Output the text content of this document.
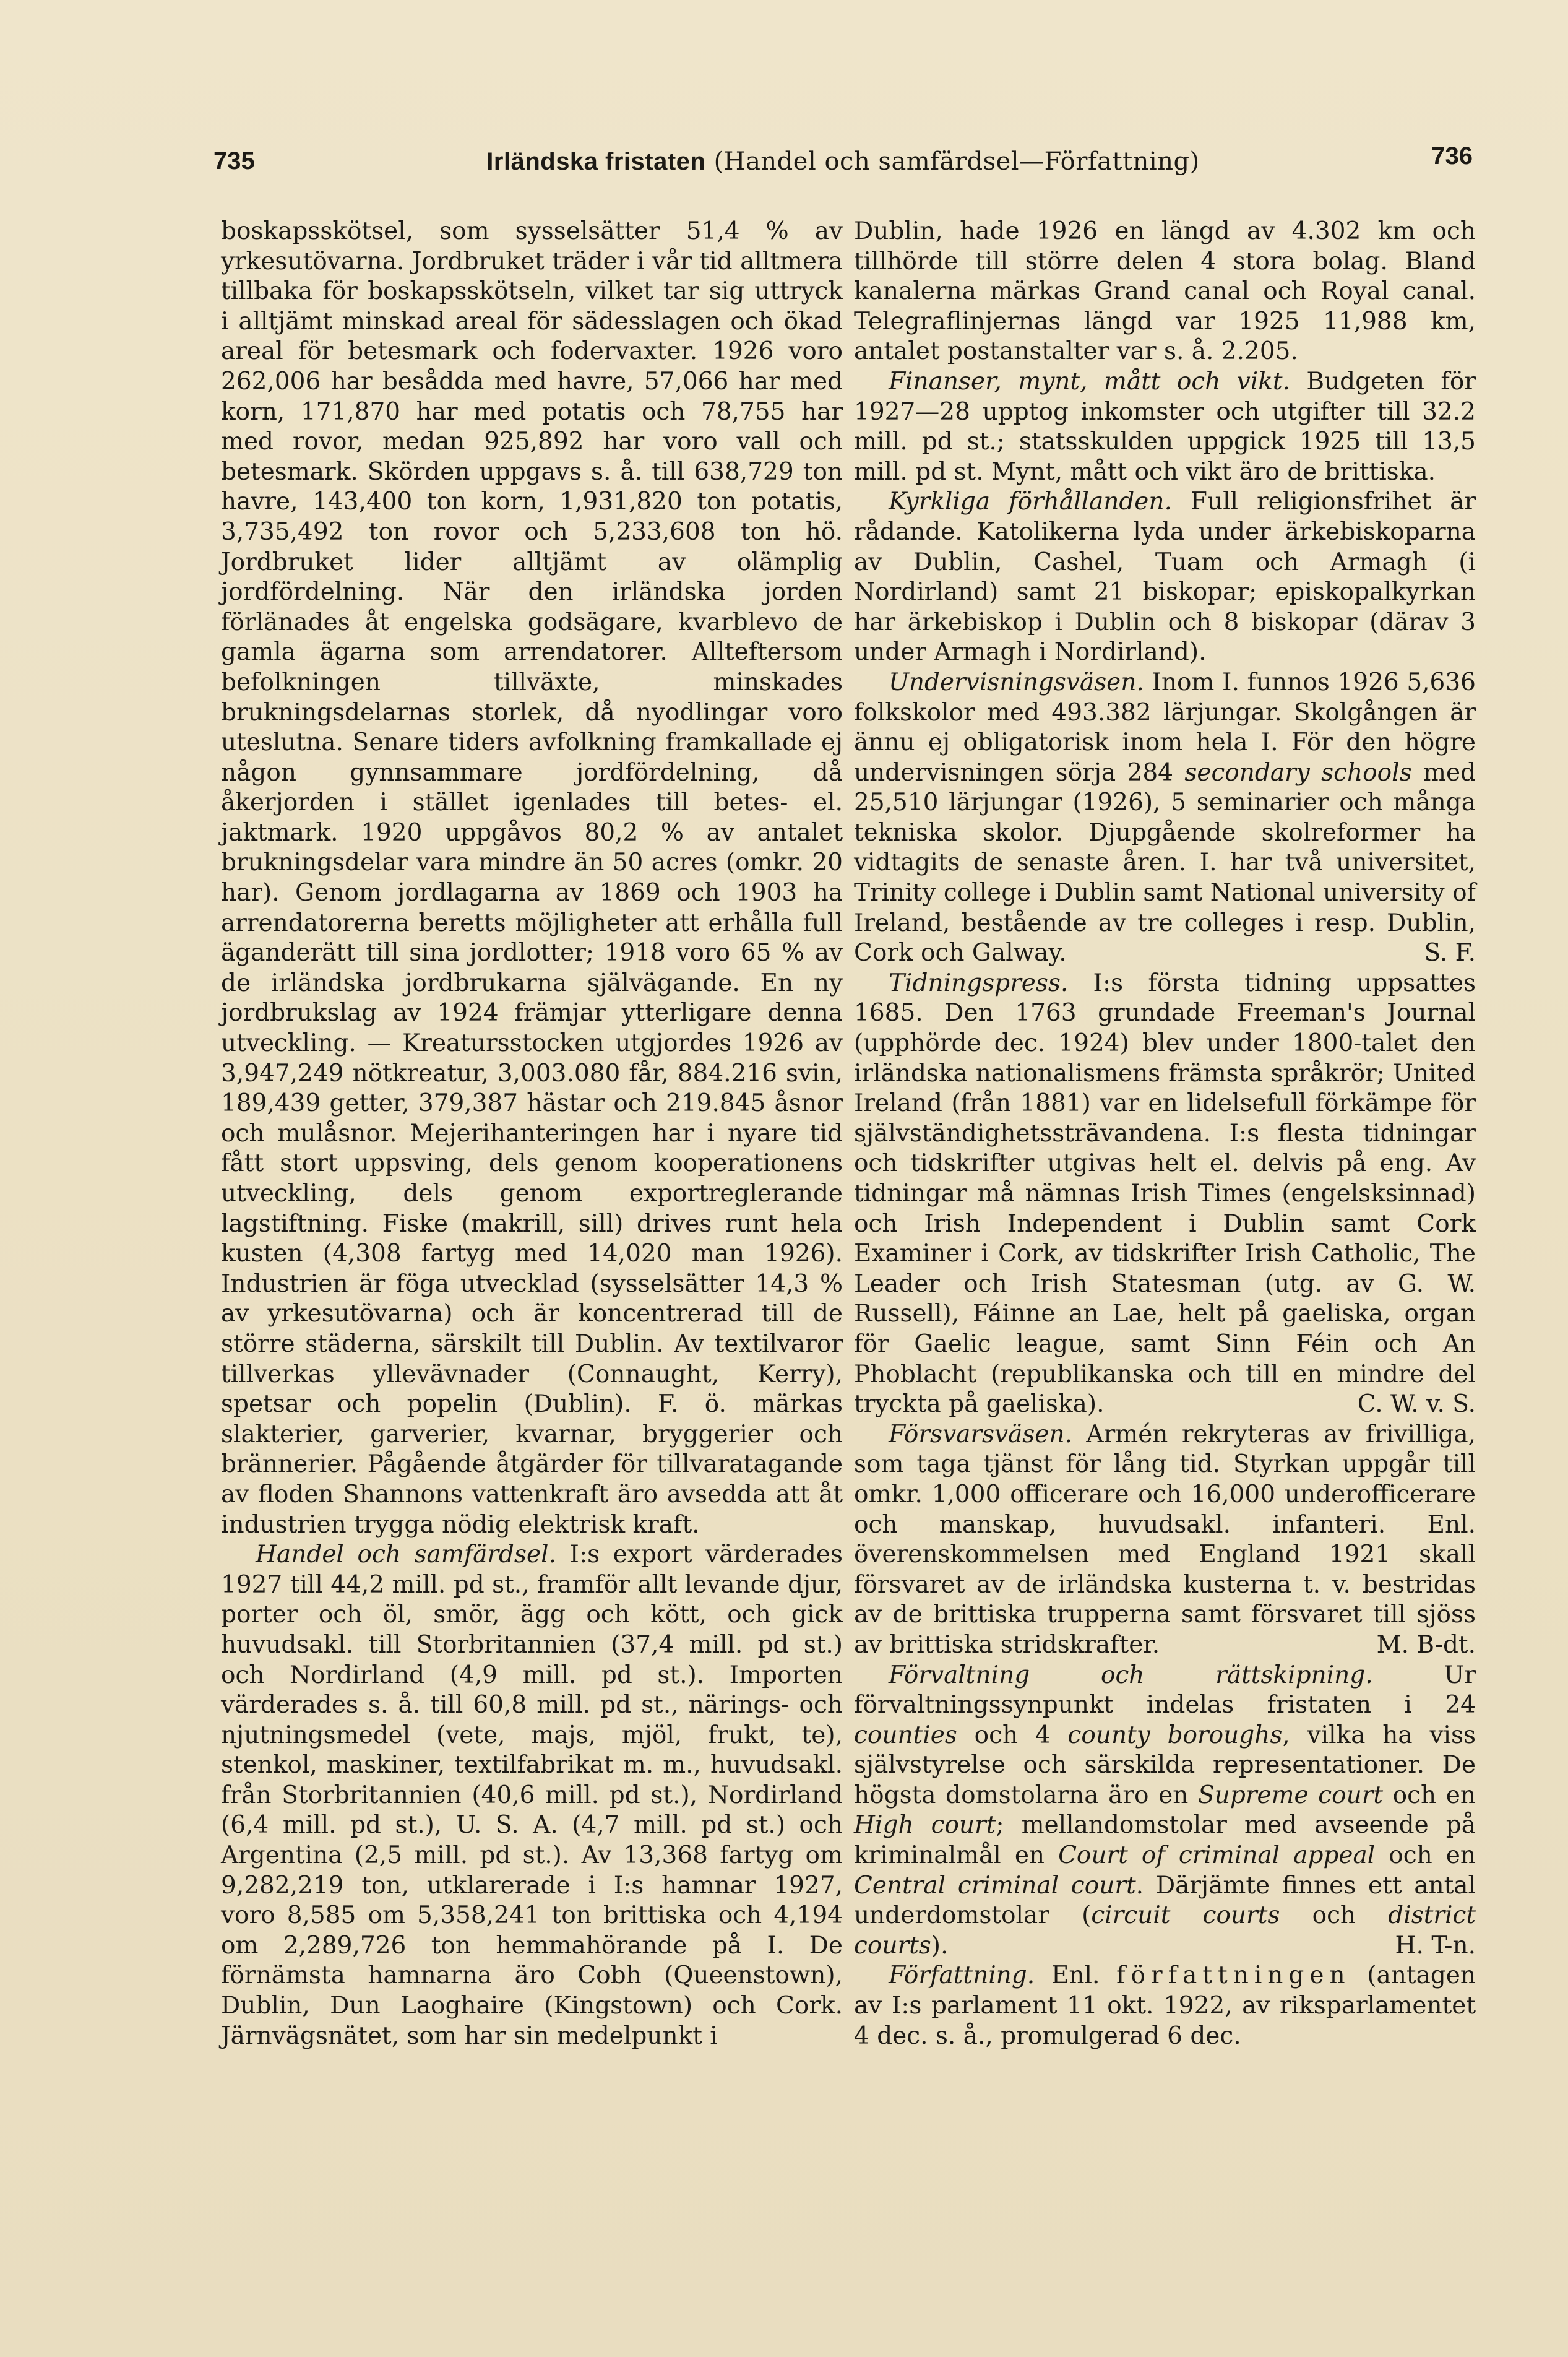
735	Irländska fristaten (Handel och samfärdsel—Författning)	736

boskapsskötsel, som sysselsätter 51,4 % av yrkesutövarna. Jordbruket träder i vår tid alltmera tillbaka för boskapsskötseln, vilket tar sig uttryck i alltjämt minskad areal för sädesslagen och ökad areal för betesmark och fodervaxter. 1926 voro 262,006 har besådda med havre, 57,066 har med korn, 171,870 har med potatis och 78,755 har med rovor, medan 925,892 har voro vall och betesmark. Skörden uppgavs s. å. till 638,729 ton havre, 143,400 ton korn, 1,931,820 ton potatis, 3,735,492 ton rovor och 5,233,608 ton hö. Jordbruket lider alltjämt av olämplig jordfördelning. När den irländska jorden förlänades åt engelska godsägare, kvarblevo de gamla ägarna som arrendatorer. Allteftersom befolkningen tillväxte, minskades brukningsdelarnas storlek, då nyodlingar voro uteslutna. Senare tiders avfolkning framkallade ej någon gynnsammare jordfördelning, då åkerjorden i stället igenlades till betes- el. jaktmark. 1920 uppgåvos 80,2 % av antalet brukningsdelar vara mindre än 50 acres (omkr. 20 har). Genom jordlagarna av 1869 och 1903 ha arrendatorerna beretts möjligheter att erhålla full äganderätt till sina jordlotter; 1918 voro 65 % av de irländska jordbrukarna självägande. En ny jordbrukslag av 1924 främjar ytterligare denna utveckling. — Kreatursstocken utgjordes 1926 av 3,947,249 nötkreatur, 3,003.080 får, 884.216 svin, 189,439 getter, 379,387 hästar och 219.845 åsnor och mulåsnor. Mejerihanteringen har i nyare tid fått stort uppsving, dels genom kooperationens utveckling, dels genom exportreglerande lagstiftning. Fiske (makrill, sill) drives runt hela kusten (4,308 fartyg med 14,020 man 1926). Industrien är föga utvecklad (sysselsätter 14,3 % av yrkesutövarna) och är koncentrerad till de större städerna, särskilt till Dublin. Av textilvaror tillverkas yllevävnader (Connaught, Kerry), spetsar och popelin (Dublin). F. ö. märkas slakterier, garverier, kvarnar, bryggerier och brännerier. Pågående åtgärder för tillvaratagande av floden Shannons vattenkraft äro avsedda att åt industrien trygga nödig elektrisk kraft.

Handel och samfärdsel. I:s export värderades 1927 till 44,2 mill. pd st., framför allt levande djur, porter och öl, smör, ägg och kött, och gick huvudsakl. till Storbritannien (37,4 mill. pd st.) och Nordirland (4,9 mill. pd st.). Importen värderades s. å. till 60,8 mill. pd st., närings- och njutningsmedel (vete, majs, mjöl, frukt, te), stenkol, maskiner, textilfabrikat m. m., huvudsakl. från Storbritannien (40,6 mill. pd st.), Nordirland (6,4 mill. pd st.), U. S. A. (4,7 mill. pd st.) och Argentina (2,5 mill. pd st.). Av 13,368 fartyg om 9,282,219 ton, utklarerade i I:s hamnar 1927, voro 8,585 om 5,358,241 ton brittiska och 4,194 om 2,289,726 ton hemmahörande på I. De förnämsta hamnarna äro Cobh (Queenstown), Dublin, Dun Laoghaire (Kingstown) och Cork. Järnvägsnätet, som har sin medelpunkt i

Dublin, hade 1926 en längd av 4.302 km och tillhörde till större delen 4 stora bolag. Bland kanalerna märkas Grand canal och Royal canal. Telegraflinjernas längd var 1925 11,988 km, antalet postanstalter var s. å. 2.205.

Finanser, mynt, mått och vikt. Budgeten för 1927—28 upptog inkomster och utgifter till 32.2 mill. pd st.; statsskulden uppgick 1925 till 13,5 mill. pd st. Mynt, mått och vikt äro de brittiska.

Kyrkliga förhållanden. Full religionsfrihet är rådande. Katolikerna lyda under ärkebiskoparna av Dublin, Cashel, Tuam och Armagh (i Nordirland) samt 21 biskopar; episkopalkyrkan har ärkebiskop i Dublin och 8 biskopar (därav 3 under Armagh i Nordirland).

Undervisningsväsen. Inom I. funnos 1926 5,636 folkskolor med 493.382 lärjungar. Skolgången är ännu ej obligatorisk inom hela I. För den högre undervisningen sörja 284 secondary schools med 25,510 lärjungar (1926), 5 seminarier och många tekniska skolor. Djupgående skolreformer ha vidtagits de senaste åren. I. har två universitet, Trinity college i Dublin samt National university of Ireland, bestående av tre colleges i resp. Dublin, Cork och Galway.	S. F.

Tidningspress. I:s första tidning uppsattes 1685. Den 1763 grundade Freeman's Journal (upphörde dec. 1924) blev under 1800-talet den irländska nationalismens främsta språkrör; United Ireland (från 1881) var en lidelsefull förkämpe för självständighetssträvandena. I:s flesta tidningar och tidskrifter utgivas helt el. delvis på eng. Av tidningar må nämnas Irish Times (engelsksinnad) och Irish Independent i Dublin samt Cork Examiner i Cork, av tidskrifter Irish Catholic, The Leader och Irish Statesman (utg. av G. W. Russell), Fáinne an Lae, helt på gaeliska, organ för Gaelic league, samt Sinn Féin och An Phoblacht (republikanska och till en mindre del tryckta på gaeliska).	C. W. v. S.

Försvarsväsen. Armén rekryteras av frivilliga, som taga tjänst för lång tid. Styrkan uppgår till omkr. 1,000 officerare och 16,000 underofficerare och manskap, huvudsakl. infanteri. Enl. överenskommelsen med England 1921 skall försvaret av de irländska kusterna t. v. bestridas av de brittiska trupperna samt försvaret till sjöss av brittiska stridskrafter.	M. B-dt.

Förvaltning och rättskipning. Ur förvaltningssynpunkt indelas fristaten i 24 counties och 4 county boroughs, vilka ha viss självstyrelse och särskilda representationer. De högsta domstolarna äro en Supreme court och en High court; mellandomstolar med avseende på kriminalmål en Court of criminal appeal och en Central criminal court. Därjämte finnes ett antal underdomstolar (circuit courts och district courts).	H. T-n.

Författning. Enl. författningen (antagen av I:s parlament 11 okt. 1922, av riksparlamentet 4 dec. s. å., promulgerad 6 dec.
